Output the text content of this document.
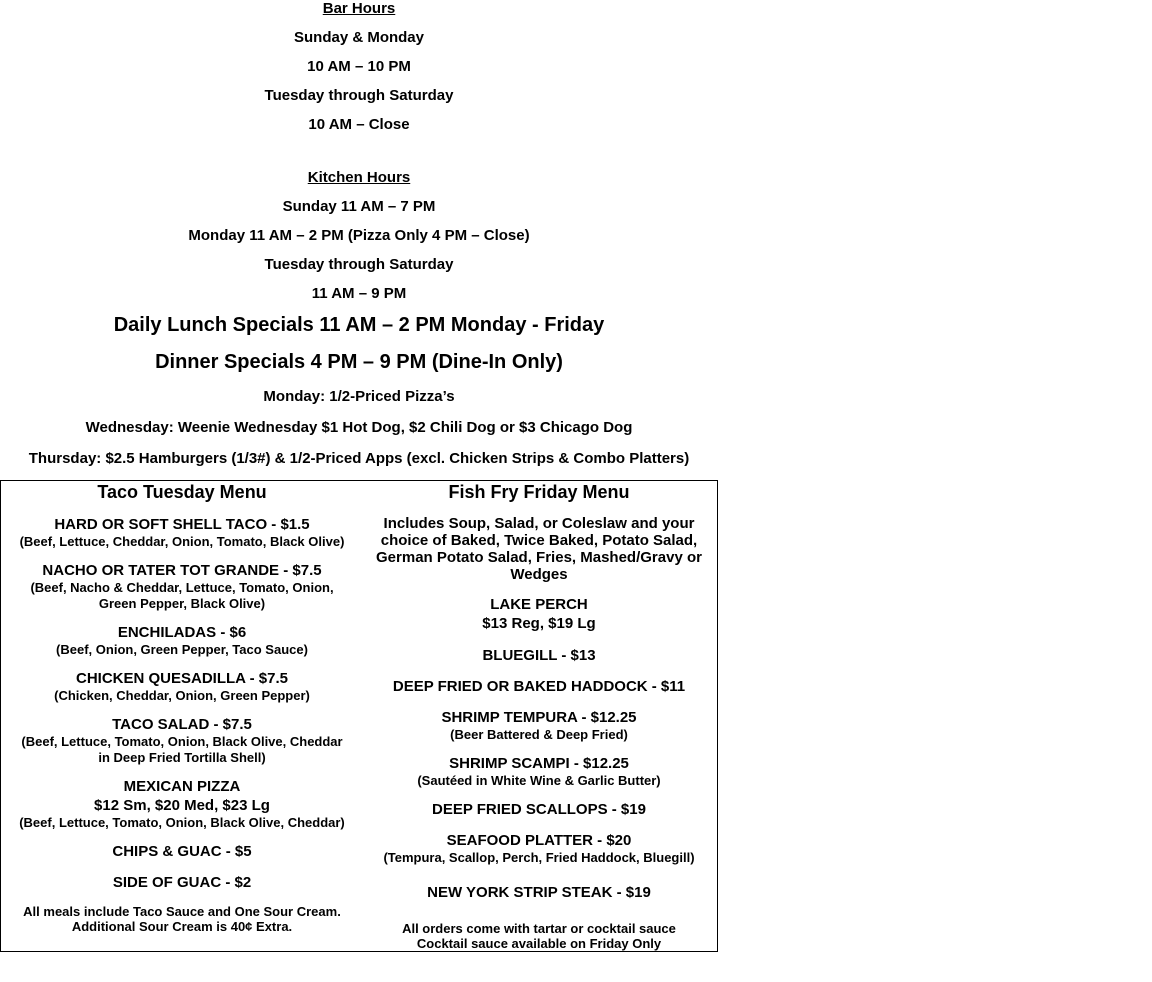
Bar Hours
Sunday & Monday
10 AM – 10 PM
Tuesday through Saturday
10 AM – Close
Kitchen Hours
Sunday 11 AM – 7 PM
Monday 11 AM – 2 PM (Pizza Only 4 PM – Close)
Tuesday through Saturday
11 AM – 9 PM
Daily Lunch Specials 11 AM – 2 PM Monday - Friday
Dinner Specials 4 PM – 9 PM (Dine-In Only)
Monday: 1/2-Priced Pizza’s
Wednesday: Weenie Wednesday $1 Hot Dog, $2 Chili Dog or $3 Chicago Dog
Thursday: $2.5 Hamburgers (1/3#) & 1/2-Priced Apps (excl. Chicken Strips & Combo Platters)
Taco Tuesday Menu
HARD OR SOFT SHELL TACO - $1.5
(Beef, Lettuce, Cheddar, Onion, Tomato, Black Olive)
NACHO OR TATER TOT GRANDE - $7.5
(Beef, Nacho & Cheddar, Lettuce, Tomato, Onion,
Green Pepper, Black Olive)
ENCHILADAS - $6
(Beef, Onion, Green Pepper, Taco Sauce)
CHICKEN QUESADILLA - $7.5
(Chicken, Cheddar, Onion, Green Pepper)
TACO SALAD - $7.5
(Beef, Lettuce, Tomato, Onion, Black Olive, Cheddar
in Deep Fried Tortilla Shell)
MEXICAN PIZZA
$12 Sm, $20 Med, $23 Lg
(Beef, Lettuce, Tomato, Onion, Black Olive, Cheddar)
CHIPS & GUAC - $5
SIDE OF GUAC - $2
All meals include Taco Sauce and One Sour Cream.
Additional Sour Cream is 40¢ Extra.
Fish Fry Friday Menu
Includes Soup, Salad, or Coleslaw and your
choice of Baked, Twice Baked, Potato Salad,
German Potato Salad, Fries, Mashed/Gravy or
Wedges
LAKE PERCH
$13 Reg, $19 Lg
BLUEGILL - $13
DEEP FRIED OR BAKED HADDOCK - $11
SHRIMP TEMPURA - $12.25
(Beer Battered & Deep Fried)
SHRIMP SCAMPI - $12.25
(Sautéed in White Wine & Garlic Butter)
DEEP FRIED SCALLOPS - $19
SEAFOOD PLATTER - $20
(Tempura, Scallop, Perch, Fried Haddock, Bluegill)
NEW YORK STRIP STEAK - $19
All orders come with tartar or cocktail sauce
Cocktail sauce available on Friday Only
